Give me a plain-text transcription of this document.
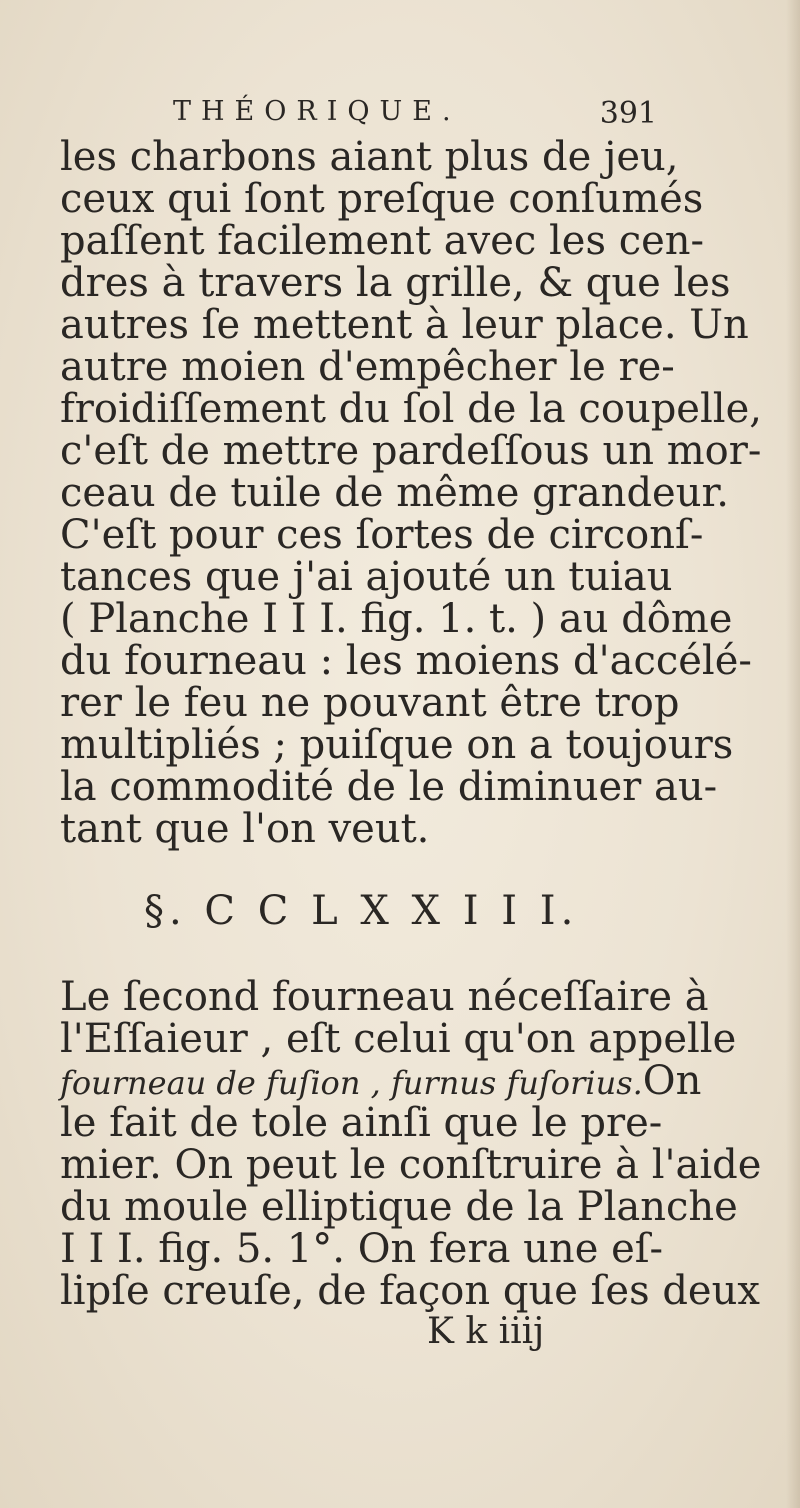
THÉORIQUE.	391
les charbons aiant plus de jeu,
ceux qui ſont preſque conſumés
paſſent facilement avec les cen-
dres à travers la grille, & que les
autres ſe mettent à leur place. Un
autre moien d'empêcher le re-
froidiſſement du ſol de la coupelle,
c'eſt de mettre pardeſſous un mor-
ceau de tuile de même grandeur.
C'eſt pour ces ſortes de circonſ-
tances que j'ai ajouté un tuiau
( Planche I I I. fig. 1. t. ) au dôme
du fourneau : les moiens d'accélé-
rer le feu ne pouvant être trop
multipliés ; puiſque on a toujours
la commodité de le diminuer au-
tant que l'on veut.
§. C C L X X I I I.
Le ſecond fourneau néceſſaire à
l'Eſſaieur , eſt celui qu'on appelle
fourneau de fuſion , furnus fuſorius. On
le fait de tole ainſi que le pre-
mier. On peut le conſtruire à l'aide
du moule elliptique de la Planche
I I I. fig. 5. 1°. On fera une eſ-
lipſe creuſe, de façon que ſes deux
K k iiij
